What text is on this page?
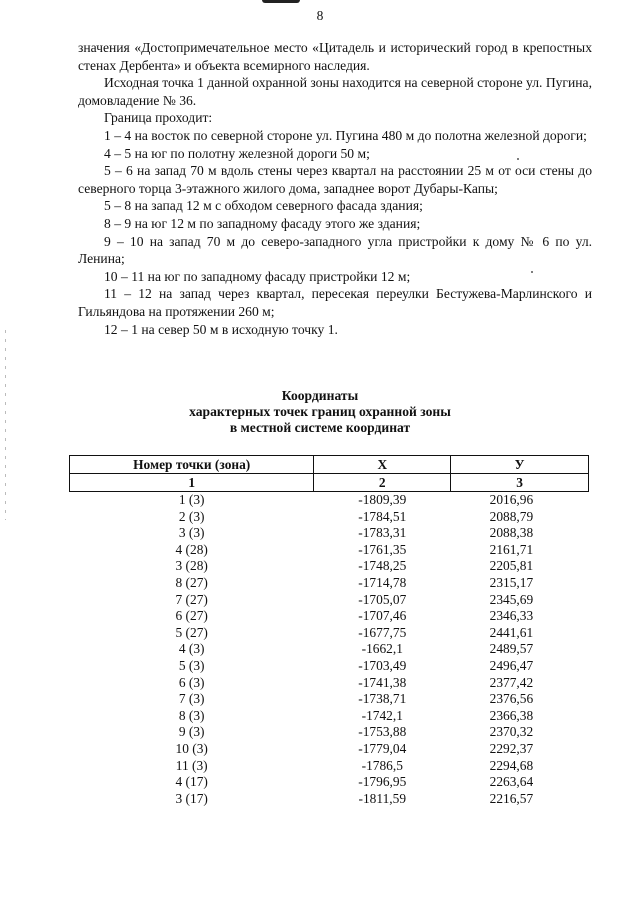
8

значения «Достопримечательное место «Цитадель и исторический город в крепостных стенах Дербента» и объекта всемирного наследия.

Исходная точка 1 данной охранной зоны находится на северной стороне ул. Пугина, домовладение № 36.

Граница проходит:

1 – 4 на восток по северной стороне ул. Пугина 480 м до полотна железной дороги;

4 – 5 на юг по полотну железной дороги 50 м;

5 – 6 на запад 70 м вдоль стены через квартал на расстоянии 25 м от оси стены до северного торца 3-этажного жилого дома, западнее ворот Дубары-Капы;

5 – 8 на запад 12 м с обходом северного фасада здания;

8 – 9 на юг 12 м по западному фасаду этого же здания;

9 – 10 на запад 70 м до северо-западного угла пристройки к дому № 6 по ул. Ленина;

10 – 11 на юг по западному фасаду пристройки 12 м;

11 – 12 на запад через квартал, пересекая переулки Бестужева-Марлинского и Гильяндова на протяжении 260 м;

12 – 1 на север 50 м в исходную точку 1.

Координаты
характерных точек границ охранной зоны
в местной системе координат
Номер точки (зона)	X	У
1	2	3
1 (3)	-1809,39	2016,96
2 (3)	-1784,51	2088,79
3 (3)	-1783,31	2088,38
4 (28)	-1761,35	2161,71
3 (28)	-1748,25	2205,81
8 (27)	-1714,78	2315,17
7 (27)	-1705,07	2345,69
6 (27)	-1707,46	2346,33
5 (27)	-1677,75	2441,61
4 (3)	-1662,1	2489,57
5 (3)	-1703,49	2496,47
6 (3)	-1741,38	2377,42
7 (3)	-1738,71	2376,56
8 (3)	-1742,1	2366,38
9 (3)	-1753,88	2370,32
10 (3)	-1779,04	2292,37
11 (3)	-1786,5	2294,68
4 (17)	-1796,95	2263,64
3 (17)	-1811,59	2216,57
